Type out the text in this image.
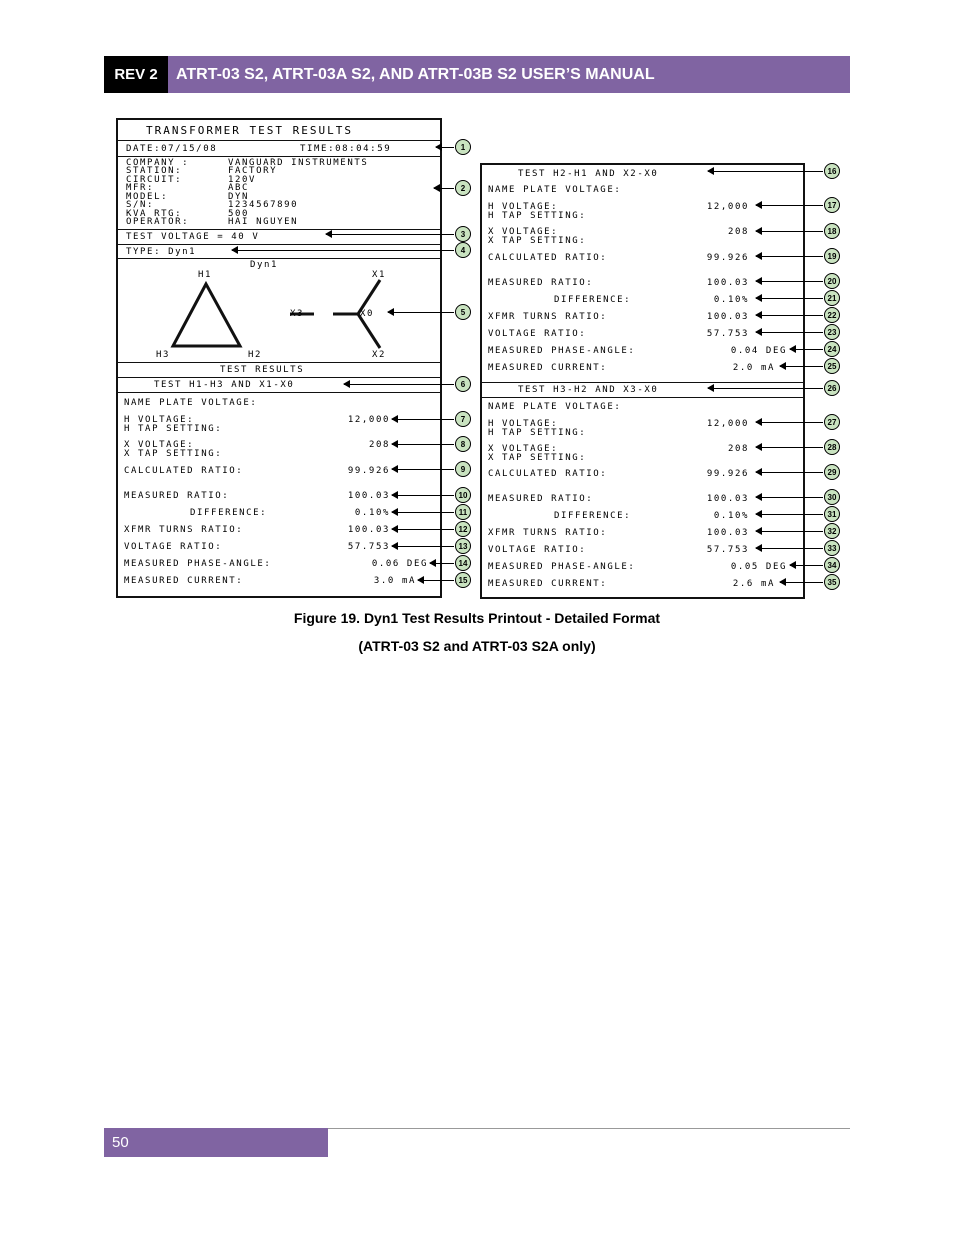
REV 2	ATRT-03 S2, ATRT-03A S2, AND ATRT-03B S2 USER’S MANUAL
TRANSFORMER TEST RESULTS
DATE:07/15/08	TIME:08:04:59
COMPANY :	VANGUARD INSTRUMENTS
STATION:	FACTORY
CIRCUIT:	120V
MFR:	ABC
MODEL:	DYN
S/N:	1234567890
KVA RTG:	500
OPERATOR:	HAI NGUYEN
TEST VOLTAGE = 40 V
TYPE: Dyn1
Dyn1
H1
H3	H2
X1
X3	X0
X2
TEST RESULTS
TEST H1-H3 AND X1-X0
NAME PLATE VOLTAGE:
H VOLTAGE:	12,000
H TAP SETTING:
X VOLTAGE:	208
X TAP SETTING:
CALCULATED RATIO:	99.926
MEASURED RATIO:	100.03
DIFFERENCE:	0.10%
XFMR TURNS RATIO:	100.03
VOLTAGE RATIO:	57.753
MEASURED PHASE-ANGLE:	0.06 DEG
MEASURED CURRENT:	3.0 mA
TEST H2-H1 AND X2-X0
NAME PLATE VOLTAGE:
H VOLTAGE:	12,000
H TAP SETTING:
X VOLTAGE:	208
X TAP SETTING:
CALCULATED RATIO:	99.926
MEASURED RATIO:	100.03
DIFFERENCE:	0.10%
XFMR TURNS RATIO:	100.03
VOLTAGE RATIO:	57.753
MEASURED PHASE-ANGLE:	0.04 DEG
MEASURED CURRENT:	2.0 mA
TEST H3-H2 AND X3-X0
NAME PLATE VOLTAGE:
H VOLTAGE:	12,000
H TAP SETTING:
X VOLTAGE:	208
X TAP SETTING:
CALCULATED RATIO:	99.926
MEASURED RATIO:	100.03
DIFFERENCE:	0.10%
XFMR TURNS RATIO:	100.03
VOLTAGE RATIO:	57.753
MEASURED PHASE-ANGLE:	0.05 DEG
MEASURED CURRENT:	2.6 mA
1
2
3
4
5
6
7
8
9
10
11
12
13
14
15
16
17
18
19
20
21
22
23
24
25
26
27
28
29
30
31
32
33
34
35
Figure 19. Dyn1 Test Results Printout - Detailed Format
(ATRT-03 S2 and ATRT-03 S2A only)
50
